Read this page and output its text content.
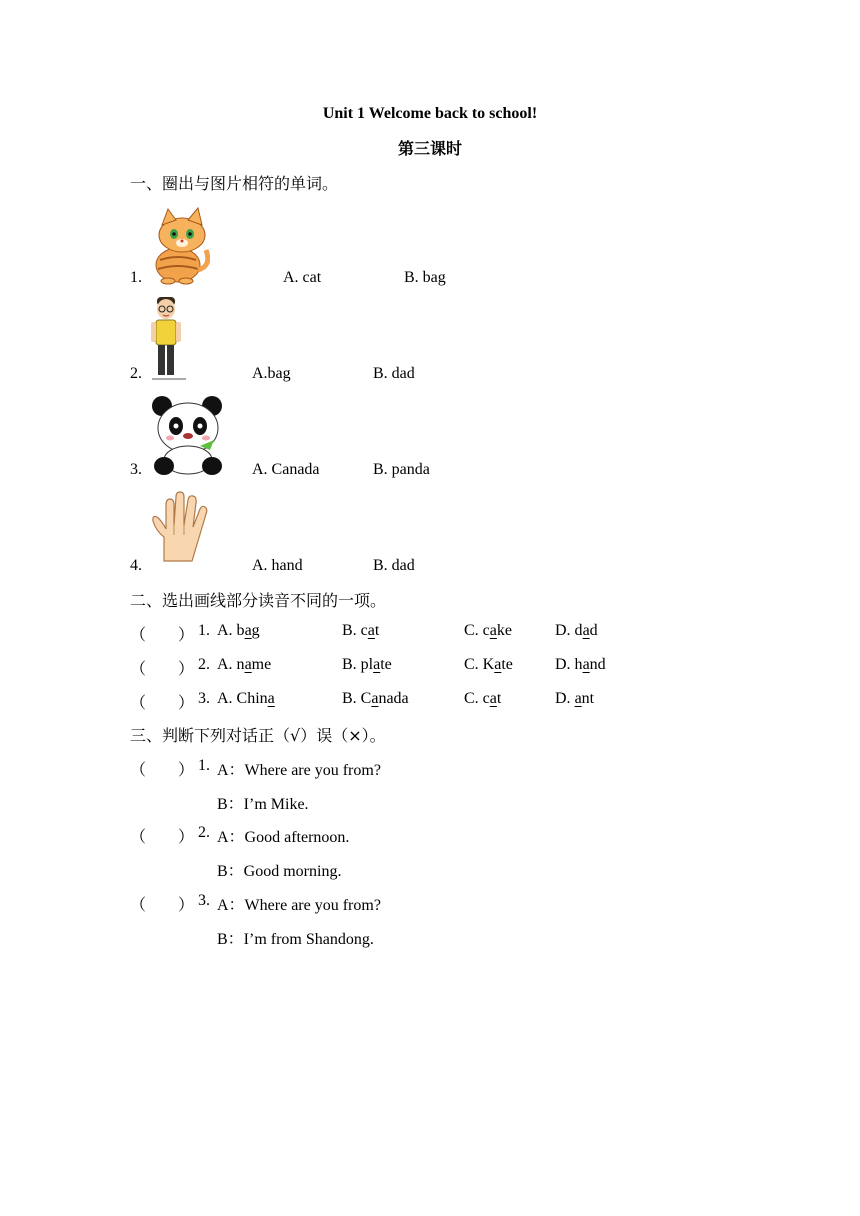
Unit 1 Welcome back to school!
第三课时
一、圈出与图片相符的单词。
1.	A. cat	B. bag
2.	A.bag	B. dad
3.	A. Canada	B. panda
4.	A. hand	B. dad
二、选出画线部分读音不同的一项。
（ ） 1. A. bag	B. cat	C. cake	D. dad
（ ） 2. A. name	B. plate	C. Kate	D. hand
（ ） 3. A. China	B. Canada	C. cat	D. ant
三、判断下列对话正（√）误（×）。
（ ） 1. A：Where are you from?
B：I’m Mike.
（ ） 2. A：Good afternoon.
B：Good morning.
（ ） 3. A：Where are you from?
B：I’m from Shandong.
